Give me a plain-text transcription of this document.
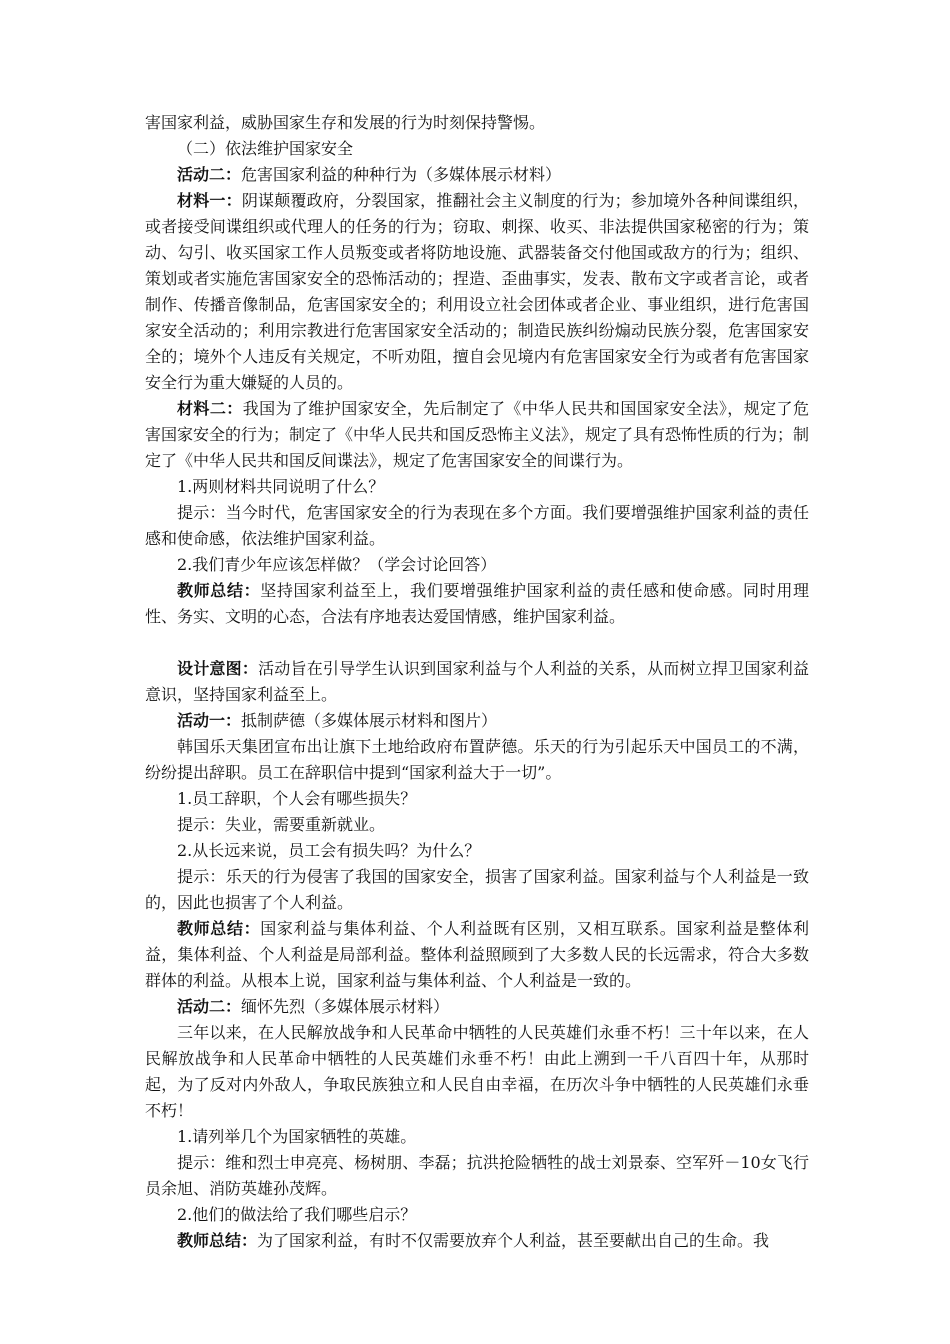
害国家利益，威胁国家生存和发展的行为时刻保持警惕。

（二）依法维护国家安全

活动二：危害国家利益的种种行为（多媒体展示材料）

材料一：阴谋颠覆政府，分裂国家，推翻社会主义制度的行为；参加境外各种间谍组织，或者接受间谍组织或代理人的任务的行为；窃取、刺探、收买、非法提供国家秘密的行为；策动、勾引、收买国家工作人员叛变或者将防地设施、武器装备交付他国或敌方的行为；组织、策划或者实施危害国家安全的恐怖活动的；捏造、歪曲事实，发表、散布文字或者言论，或者制作、传播音像制品，危害国家安全的；利用设立社会团体或者企业、事业组织，进行危害国家安全活动的；利用宗教进行危害国家安全活动的；制造民族纠纷煽动民族分裂，危害国家安全的；境外个人违反有关规定，不听劝阻，擅自会见境内有危害国家安全行为或者有危害国家安全行为重大嫌疑的人员的。

材料二：我国为了维护国家安全，先后制定了《中华人民共和国国家安全法》，规定了危害国家安全的行为；制定了《中华人民共和国反恐怖主义法》，规定了具有恐怖性质的行为；制定了《中华人民共和国反间谍法》，规定了危害国家安全的间谍行为。

1.两则材料共同说明了什么？

提示：当今时代，危害国家安全的行为表现在多个方面。我们要增强维护国家利益的责任感和使命感，依法维护国家利益。

2.我们青少年应该怎样做？（学会讨论回答）

教师总结：坚持国家利益至上，我们要增强维护国家利益的责任感和使命感。同时用理性、务实、文明的心态，合法有序地表达爱国情感，维护国家利益。

设计意图：活动旨在引导学生认识到国家利益与个人利益的关系，从而树立捍卫国家利益意识，坚持国家利益至上。

活动一：抵制萨德（多媒体展示材料和图片）

韩国乐天集团宣布出让旗下土地给政府布置萨德。乐天的行为引起乐天中国员工的不满，纷纷提出辞职。员工在辞职信中提到“国家利益大于一切”。

1.员工辞职，个人会有哪些损失？

提示：失业，需要重新就业。

2.从长远来说，员工会有损失吗？为什么？

提示：乐天的行为侵害了我国的国家安全，损害了国家利益。国家利益与个人利益是一致的，因此也损害了个人利益。

教师总结：国家利益与集体利益、个人利益既有区别，又相互联系。国家利益是整体利益，集体利益、个人利益是局部利益。整体利益照顾到了大多数人民的长远需求，符合大多数群体的利益。从根本上说，国家利益与集体利益、个人利益是一致的。

活动二：缅怀先烈（多媒体展示材料）

三年以来，在人民解放战争和人民革命中牺牲的人民英雄们永垂不朽！三十年以来，在人民解放战争和人民革命中牺牲的人民英雄们永垂不朽！由此上溯到一千八百四十年，从那时起，为了反对内外敌人，争取民族独立和人民自由幸福，在历次斗争中牺牲的人民英雄们永垂不朽！

1.请列举几个为国家牺牲的英雄。

提示：维和烈士申亮亮、杨树朋、李磊；抗洪抢险牺牲的战士刘景泰、空军歼－10女飞行员余旭、消防英雄孙茂辉。

2.他们的做法给了我们哪些启示？

教师总结：为了国家利益，有时不仅需要放弃个人利益，甚至要献出自己的生命。我
